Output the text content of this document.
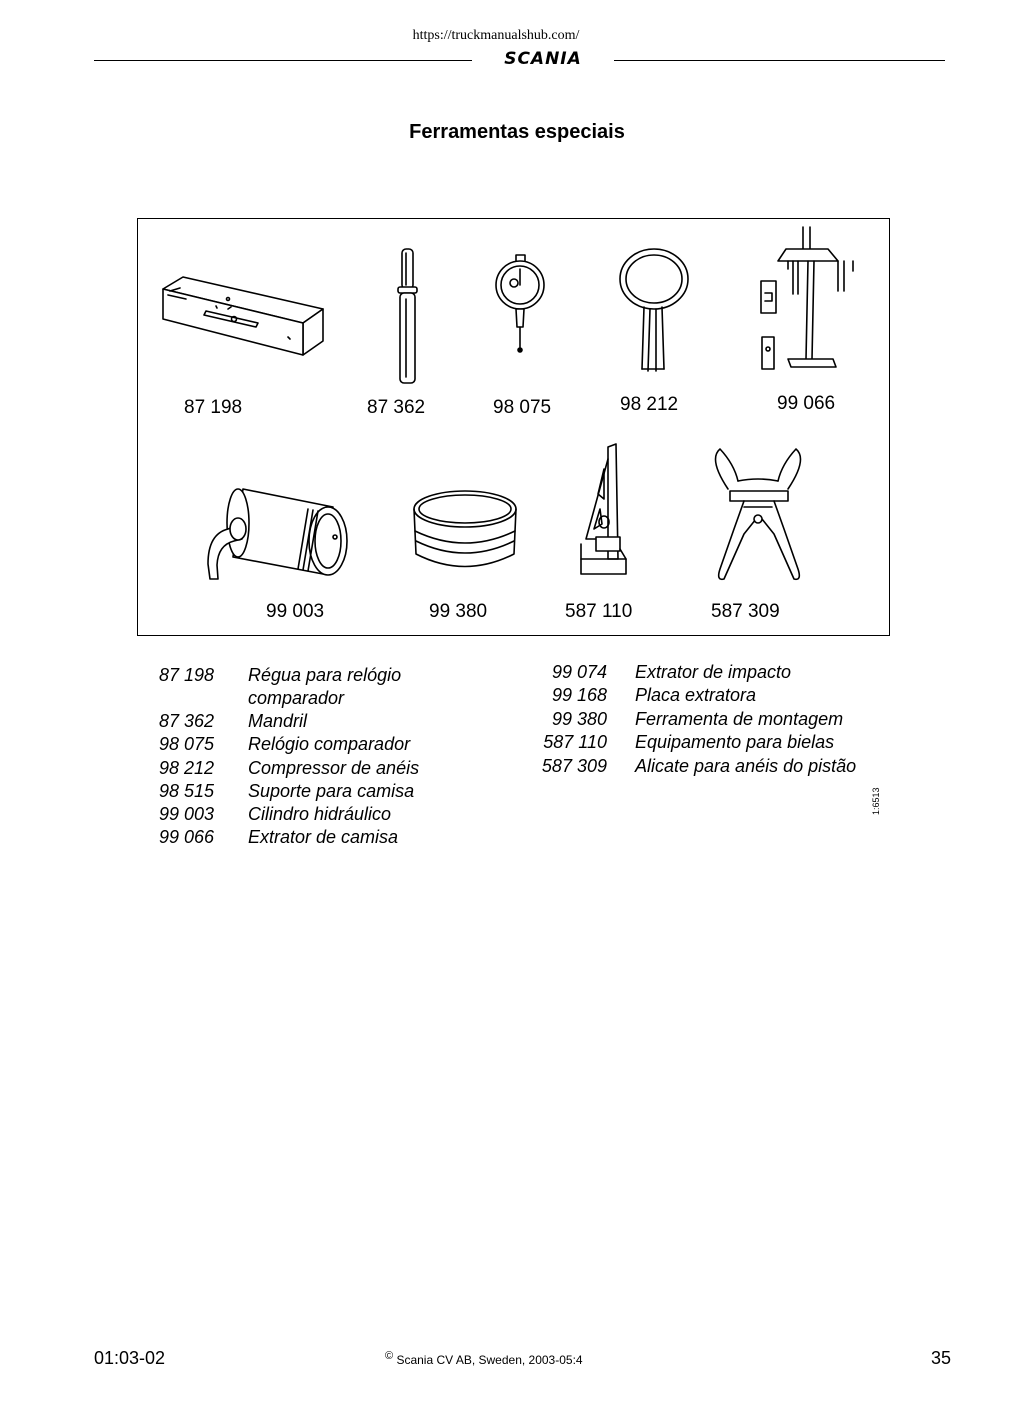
https://truckmanualshub.com/
SCANIA
Ferramentas especiais
87 198	87 362	98 075	98 212	99 066
99 003	99 380	587 110	587 309
1:6513
87 198 Régua para relógio
comparador
87 362 Mandril
98 075 Relógio comparador
98 212 Compressor de anéis
98 515 Suporte para camisa
99 003 Cilindro hidráulico
99 066 Extrator de camisa
99 074 Extrator de impacto
99 168 Placa extratora
99 380 Ferramenta de montagem
587 110 Equipamento para bielas
587 309 Alicate para anéis do pistão
01:03-02	© Scania CV AB, Sweden, 2003-05:4	35
